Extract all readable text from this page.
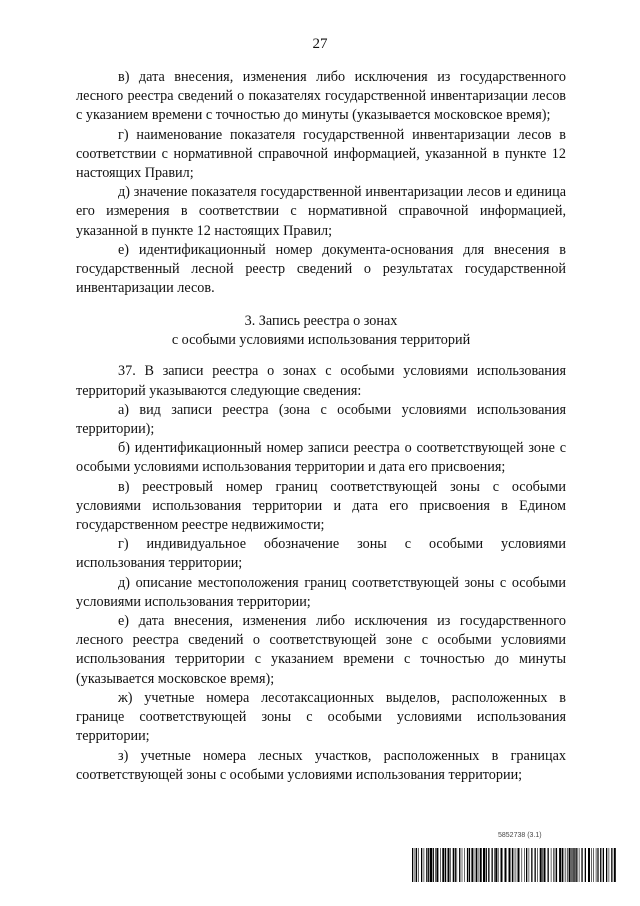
27

в) дата внесения, изменения либо исключения из государственного лесного реестра сведений о показателях государственной инвентаризации лесов с указанием времени с точностью до минуты (указывается московское время);

г) наименование показателя государственной инвентаризации лесов в соответствии с нормативной справочной информацией, указанной в пункте 12 настоящих Правил;

д) значение показателя государственной инвентаризации лесов и единица его измерения в соответствии с нормативной справочной информацией, указанной в пункте 12 настоящих Правил;

е) идентификационный номер документа-основания для внесения в государственный лесной реестр сведений о результатах государственной инвентаризации лесов.

3. Запись реестра о зонах
с особыми условиями использования территорий

37. В записи реестра о зонах с особыми условиями использования территорий указываются следующие сведения:

а) вид записи реестра (зона с особыми условиями использования территории);

б) идентификационный номер записи реестра о соответствующей зоне с особыми условиями использования территории и дата его присвоения;

в) реестровый номер границ соответствующей зоны с особыми условиями использования территории и дата его присвоения в Едином государственном реестре недвижимости;

г) индивидуальное обозначение зоны с особыми условиями использования территории;

д) описание местоположения границ соответствующей зоны с особыми условиями использования территории;

е) дата внесения, изменения либо исключения из государственного лесного реестра сведений о соответствующей зоне с особыми условиями использования территории с указанием времени с точностью до минуты (указывается московское время);

ж) учетные номера лесотаксационных выделов, расположенных в границе соответствующей зоны с особыми условиями использования территории;

з) учетные номера лесных участков, расположенных в границах соответствующей зоны с особыми условиями использования территории;

5852738 (3.1)
